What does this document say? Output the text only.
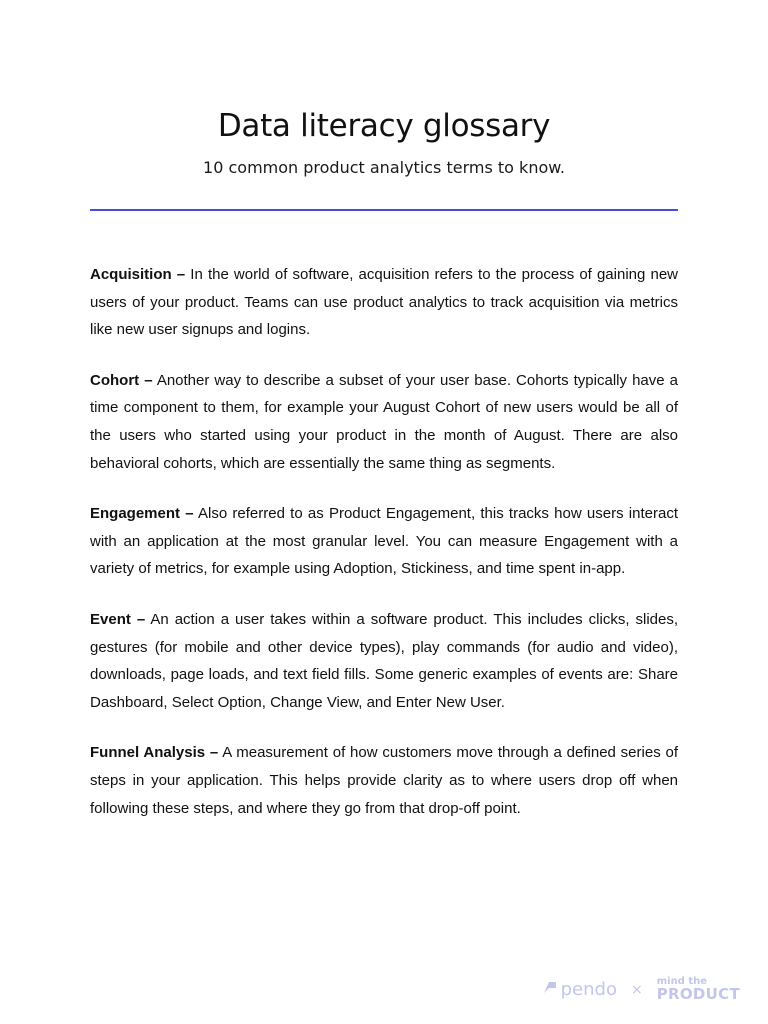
Data literacy glossary

10 common product analytics terms to know.

Acquisition – In the world of software, acquisition refers to the process of gaining new users of your product. Teams can use product analytics to track acquisition via metrics like new user signups and logins.

Cohort – Another way to describe a subset of your user base. Cohorts typically have a time component to them, for example your August Cohort of new users would be all of the users who started using your product in the month of August. There are also behavioral cohorts, which are essentially the same thing as segments.

Engagement – Also referred to as Product Engagement, this tracks how users interact with an application at the most granular level. You can measure Engagement with a variety of metrics, for example using Adoption, Stickiness, and time spent in-app.

Event – An action a user takes within a software product. This includes clicks, slides, gestures (for mobile and other device types), play commands (for audio and video), downloads, page loads, and text field fills. Some generic examples of events are: Share Dashboard, Select Option, Change View, and Enter New User.

Funnel Analysis – A measurement of how customers move through a defined series of steps in your application. This helps provide clarity as to where users drop off when following these steps, and where they go from that drop-off point.

pendo × mind the
PRODUCT
